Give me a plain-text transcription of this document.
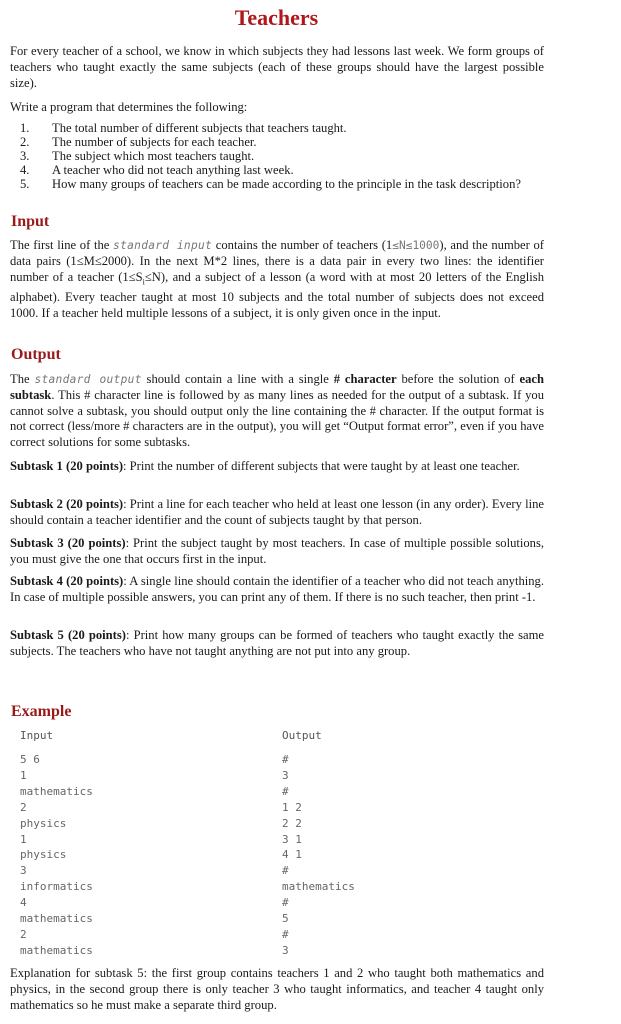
Teachers
For every teacher of a school, we know in which subjects they had lessons last week. We form groups of teachers who taught exactly the same subjects (each of these groups should have the largest possible size).
Write a program that determines the following:
1. The total number of different subjects that teachers taught.
2. The number of subjects for each teacher.
3. The subject which most teachers taught.
4. A teacher who did not teach anything last week.
5. How many groups of teachers can be made according to the principle in the task description?
Input
The first line of the standard input contains the number of teachers (1≤N≤1000), and the number of data pairs (1≤M≤2000). In the next M*2 lines, there is a data pair in every two lines: the identifier number of a teacher $(1\le S_i\le N)$, and a subject of a lesson (a word with at most 20 letters of the English alphabet). Every teacher taught at most 10 subjects and the total number of subjects does not exceed 1000. If a teacher held multiple lessons of a subject, it is only given once in the input.
Output
The standard output should contain a line with a single # character before the solution of each subtask. This # character line is followed by as many lines as needed for the output of a subtask. If you cannot solve a subtask, you should output only the line containing the # character. If the output format is not correct (less/more # characters are in the output), you will get “Output format error”, even if you have correct solutions for some subtasks.
Subtask 1 (20 points): Print the number of different subjects that were taught by at least one teacher.
Subtask 2 (20 points): Print a line for each teacher who held at least one lesson (in any order). Every line should contain a teacher identifier and the count of subjects taught by that person.
Subtask 3 (20 points): Print the subject taught by most teachers. In case of multiple possible solutions, you must give the one that occurs first in the input.
Subtask 4 (20 points): A single line should contain the identifier of a teacher who did not teach anything. In case of multiple possible answers, you can print any of them. If there is no such teacher, then print -1.
Subtask 5 (20 points): Print how many groups can be formed of teachers who taught exactly the same subjects. The teachers who have not taught anything are not put into any group.
Example
Input	Output
5 6
1
mathematics
2
physics
1
physics
3
informatics
4
mathematics
2
mathematics
#
3
#
1 2
2 2
3 1
4 1
#
mathematics
#
5
#
3
Explanation for subtask 5: the first group contains teachers 1 and 2 who taught both mathematics and physics, in the second group there is only teacher 3 who taught informatics, and teacher 4 taught only mathematics so he must make a separate third group.
